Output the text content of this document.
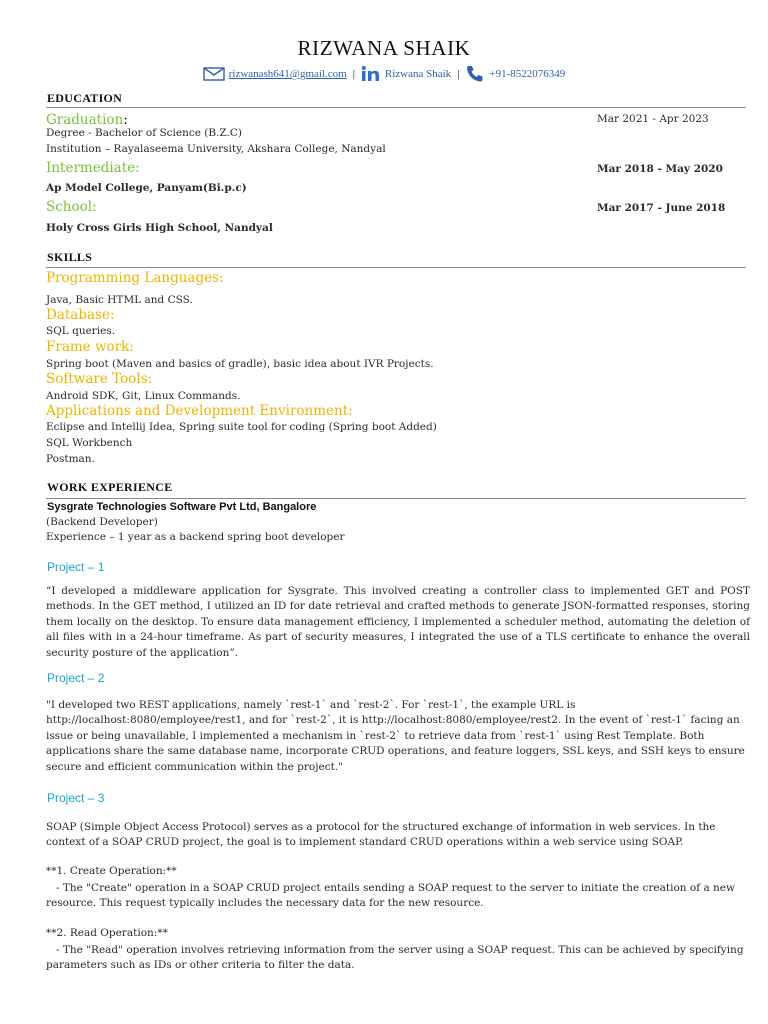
RIZWANA SHAIK
rizwanash641@gmail.com |	Rizwana Shaik |	+91-8522076349
EDUCATION
Graduation:	Mar 2021 - Apr 2023
Degree - Bachelor of Science (B.Z.C)
Institution – Rayalaseema University, Akshara College, Nandyal
Intermediate:	Mar 2018 - May 2020
Ap Model College, Panyam(Bi.p.c)
School:	Mar 2017 - June 2018
Holy Cross Girls High School, Nandyal
SKILLS
Programming Languages:
Java, Basic HTML and CSS.
Database:
SQL queries.
Frame work:
Spring boot (Maven and basics of gradle), basic idea about IVR Projects.
Software Tools:
Android SDK, Git, Linux Commands.
Applications and Development Environment:
Eclipse and Intellij Idea, Spring suite tool for coding (Spring boot Added)
SQL Workbench
Postman.
WORK EXPERIENCE
Sysgrate Technologies Software Pvt Ltd, Bangalore
(Backend Developer)
Experience – 1 year as a backend spring boot developer
Project – 1
“I developed a middleware application for Sysgrate. This involved creating a controller class to implemented GET and POST methods. In the GET method, I utilized an ID for date retrieval and crafted methods to generate JSON-formatted responses, storing them locally on the desktop. To ensure data management efficiency, I implemented a scheduler method, automating the deletion of all files with in a 24-hour timeframe. As part of security measures, I integrated the use of a TLS certificate to enhance the overall security posture of the application”.
Project – 2
"I developed two REST applications, namely `rest-1` and `rest-2`. For `rest-1`, the example URL is http://localhost:8080/employee/rest1, and for `rest-2`, it is http://localhost:8080/employee/rest2. In the event of `rest-1` facing an issue or being unavailable, I implemented a mechanism in `rest-2` to retrieve data from `rest-1` using Rest Template. Both applications share the same database name, incorporate CRUD operations, and feature loggers, SSL keys, and SSH keys to ensure secure and efficient communication within the project."
Project – 3
SOAP (Simple Object Access Protocol) serves as a protocol for the structured exchange of information in web services. In the context of a SOAP CRUD project, the goal is to implement standard CRUD operations within a web service using SOAP.
**1. Create Operation:**
- The "Create" operation in a SOAP CRUD project entails sending a SOAP request to the server to initiate the creation of a new resource. This request typically includes the necessary data for the new resource.
**2. Read Operation:**
- The "Read" operation involves retrieving information from the server using a SOAP request. This can be achieved by specifying parameters such as IDs or other criteria to filter the data.
